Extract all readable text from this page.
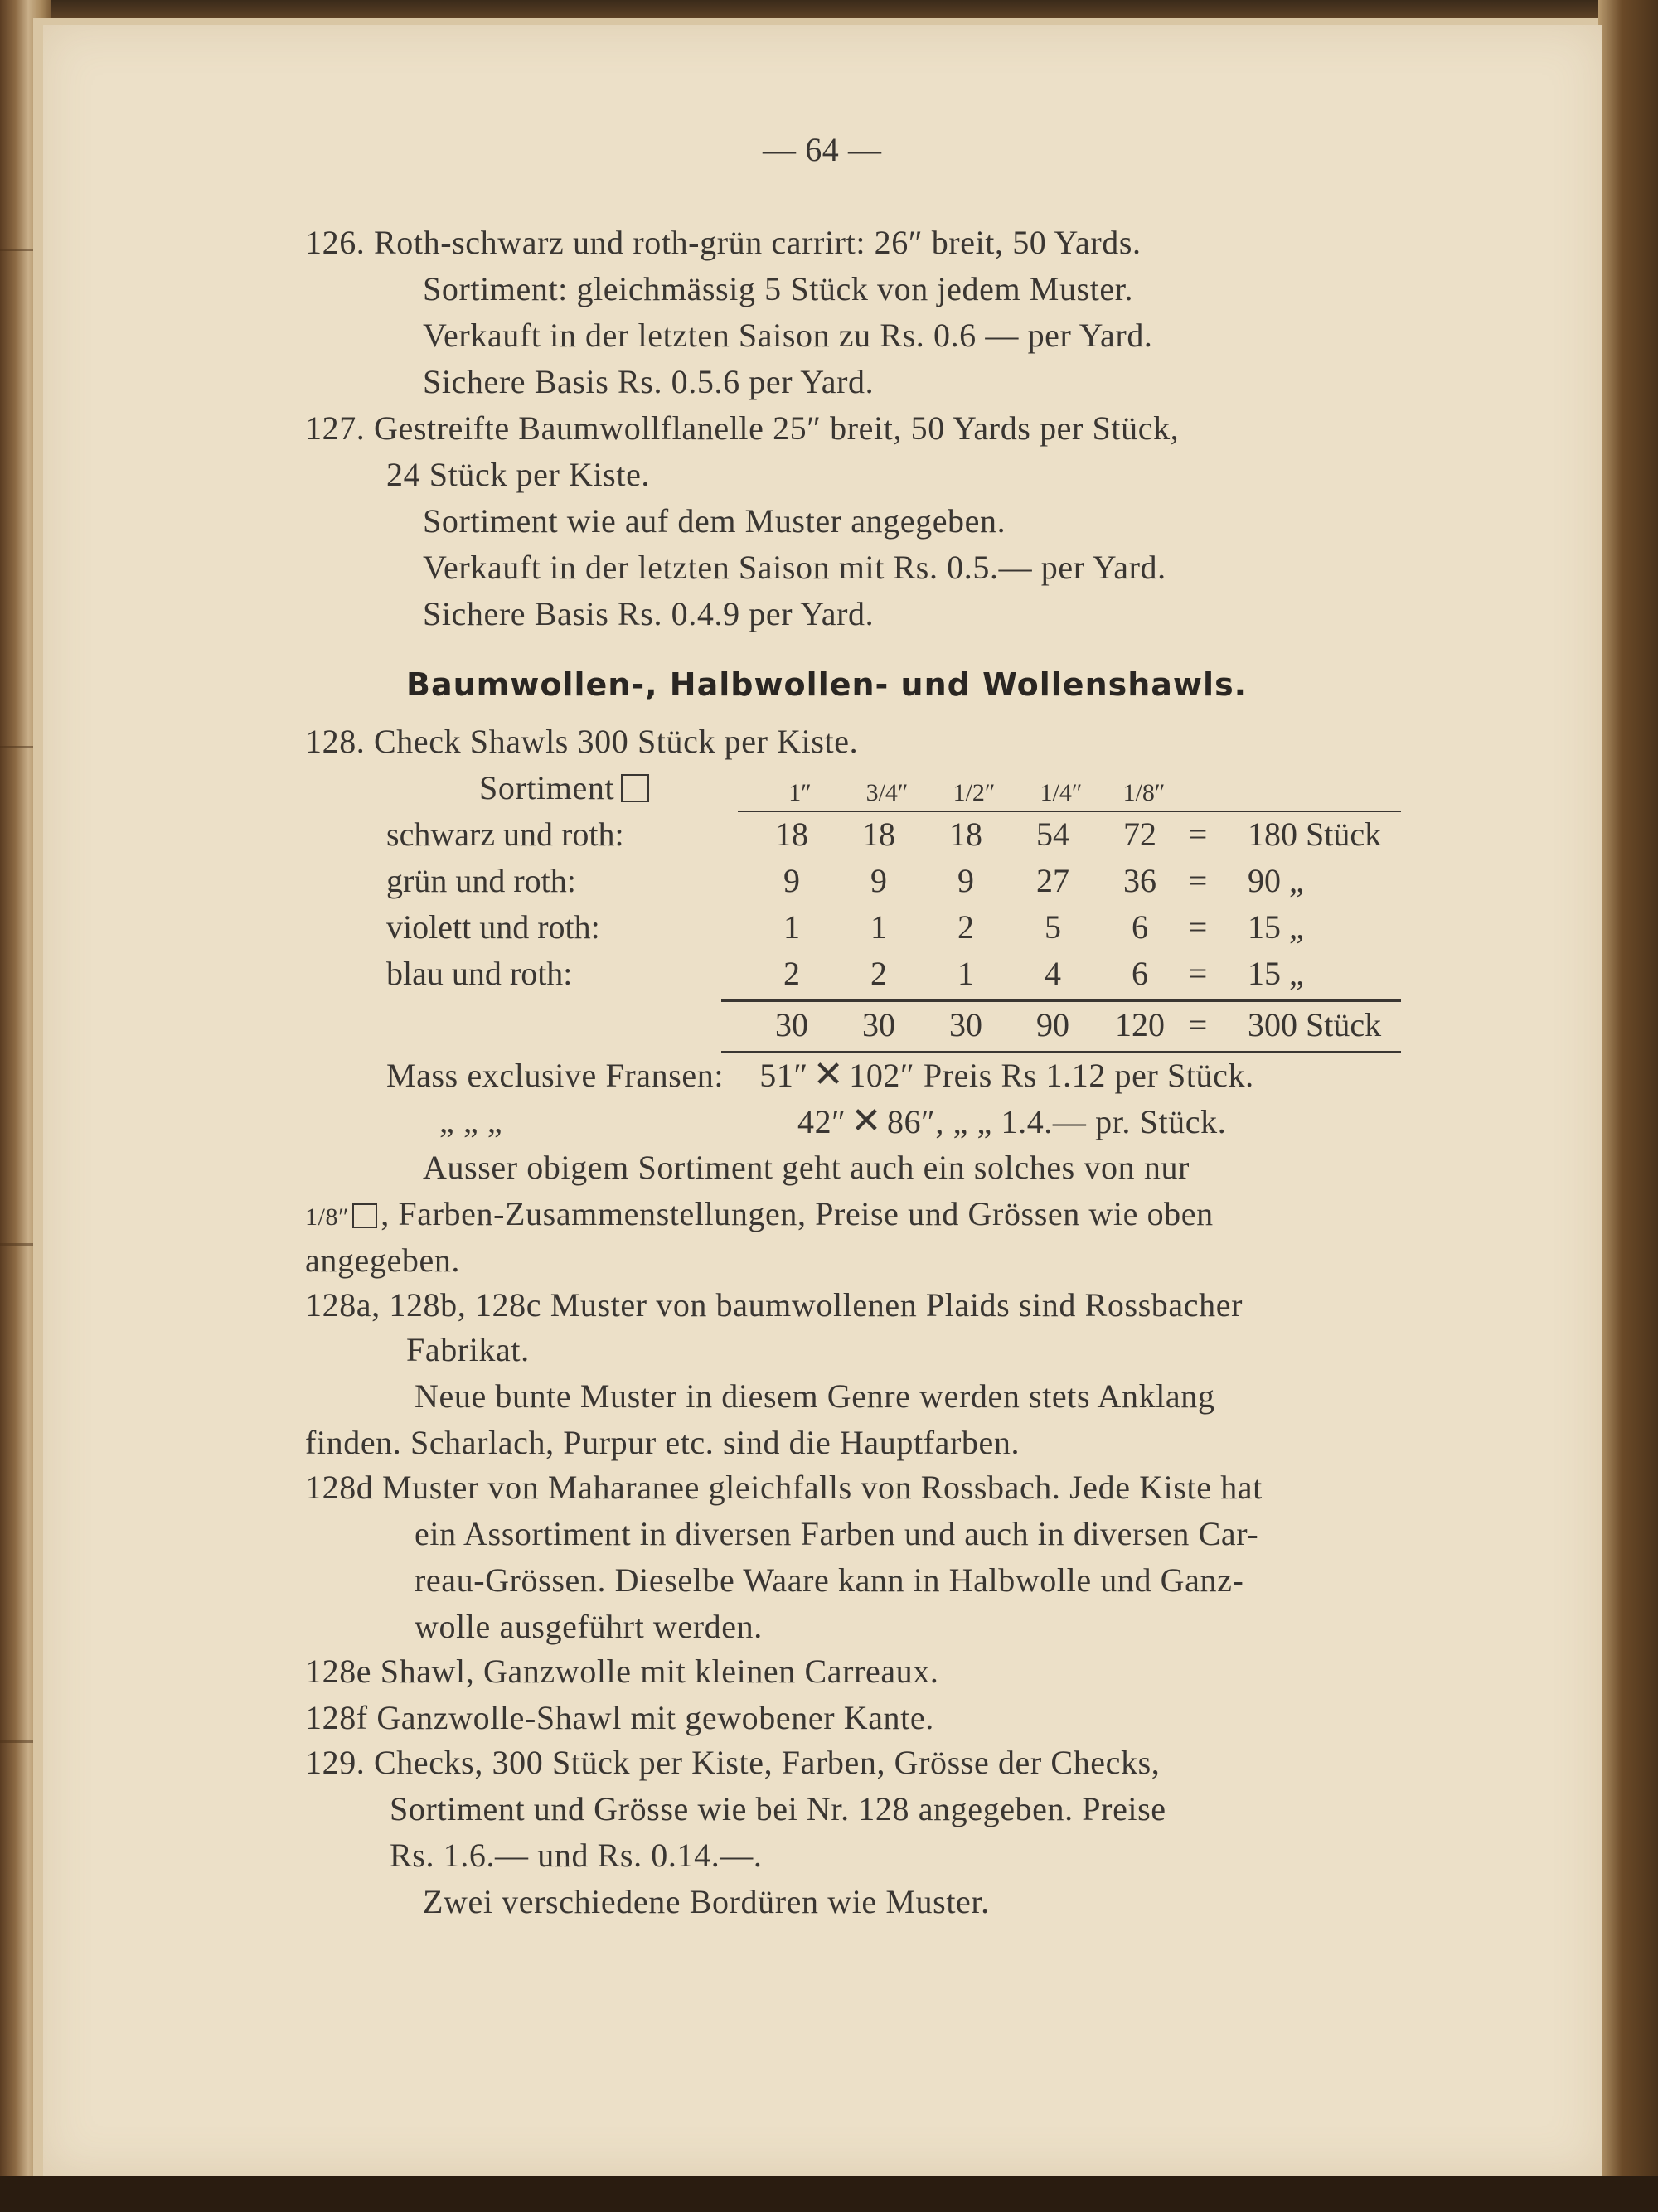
— 64 —
126. Roth-schwarz und roth-grün carrirt: 26″ breit, 50 Yards.
Sortiment: gleichmässig 5 Stück von jedem Muster.
Verkauft in der letzten Saison zu Rs. 0.6 — per Yard.
Sichere Basis Rs. 0.5.6 per Yard.
127. Gestreifte Baumwollflanelle 25″ breit, 50 Yards per Stück,
24 Stück per Kiste.
Sortiment wie auf dem Muster angegeben.
Verkauft in der letzten Saison mit Rs. 0.5.— per Yard.
Sichere Basis Rs. 0.4.9 per Yard.
Baumwollen-, Halbwollen- und Wollenshawls.
128. Check Shawls 300 Stück per Kiste.
Sortiment	1″	3/4″	1/2″	1/4″	1/8″
schwarz und roth:	18	18	18	54	72 =	180 Stück
grün und roth:	9	9	9	27	36 =	90 „
violett und roth:	1	1	2	5	6	=	15 „
blau und roth:	2	2	1	4	6	=	15 „
30	30	30	90	120 =	300 Stück
Mass exclusive Fransen: 51″ ✕ 102″ Preis Rs 1.12 per Stück.
„ „ „	42″ ✕ 86″, „ „ 1.4.— pr. Stück.
Ausser obigem Sortiment geht auch ein solches von nur
1/8″ , Farben-Zusammenstellungen, Preise und Grössen wie oben
angegeben.
128a, 128b, 128c Muster von baumwollenen Plaids sind Rossbacher
Fabrikat.
Neue bunte Muster in diesem Genre werden stets Anklang
finden. Scharlach, Purpur etc. sind die Hauptfarben.
128d Muster von Maharanee gleichfalls von Rossbach. Jede Kiste hat
ein Assortiment in diversen Farben und auch in diversen Car-
reau-Grössen. Dieselbe Waare kann in Halbwolle und Ganz-
wolle ausgeführt werden.
128e Shawl, Ganzwolle mit kleinen Carreaux.
128f Ganzwolle-Shawl mit gewobener Kante.
129. Checks, 300 Stück per Kiste, Farben, Grösse der Checks,
Sortiment und Grösse wie bei Nr. 128 angegeben. Preise
Rs. 1.6.— und Rs. 0.14.—.
Zwei verschiedene Bordüren wie Muster.
